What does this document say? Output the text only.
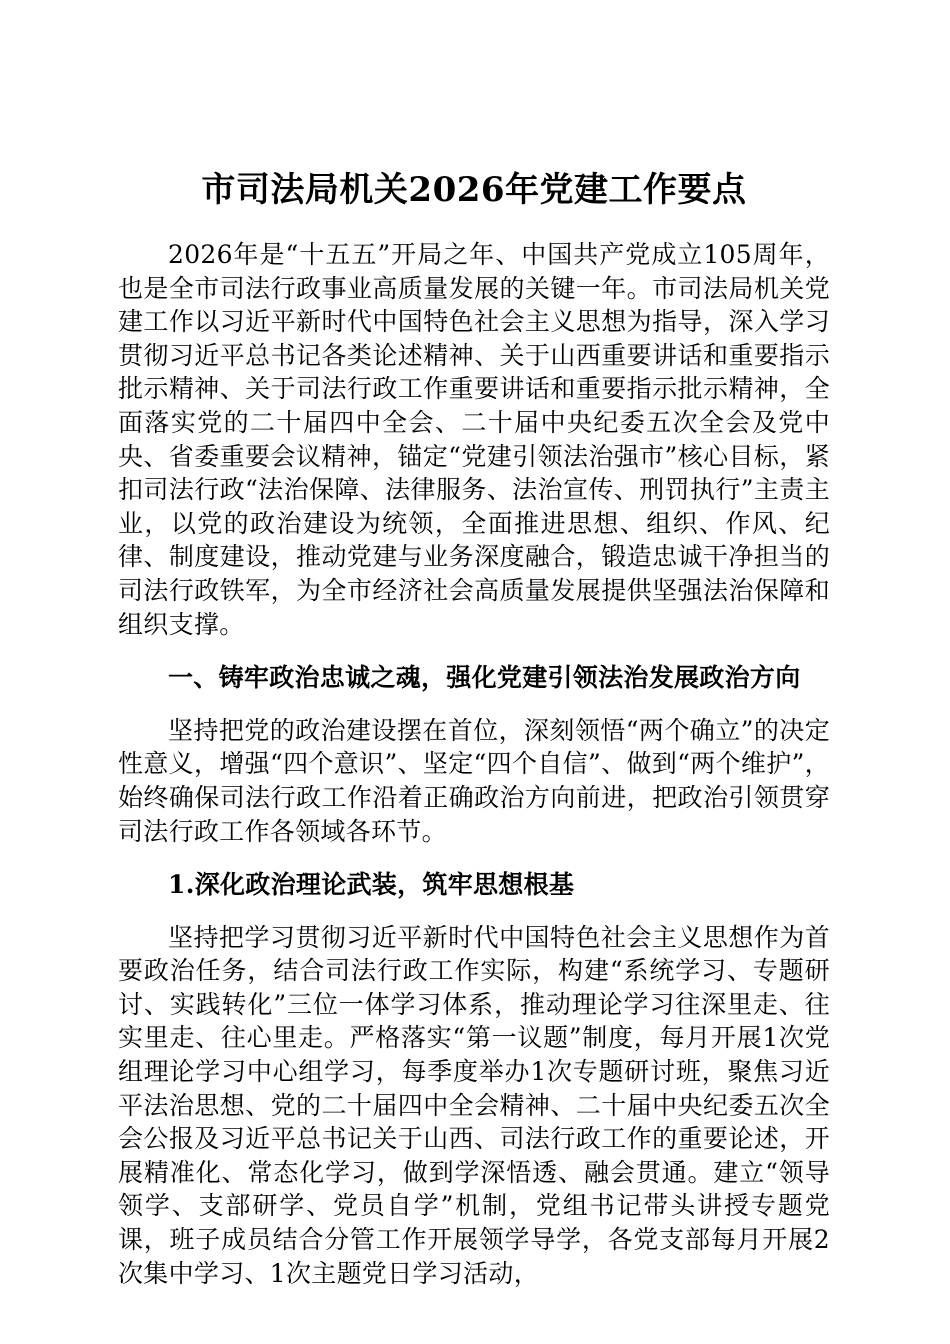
市司法局机关2026年党建工作要点

2026年是“十五五”开局之年、中国共产党成立105周年，也是全市司法行政事业高质量发展的关键一年。市司法局机关党建工作以习近平新时代中国特色社会主义思想为指导，深入学习贯彻习近平总书记各类论述精神、关于山西重要讲话和重要指示批示精神、关于司法行政工作重要讲话和重要指示批示精神，全面落实党的二十届四中全会、二十届中央纪委五次全会及党中央、省委重要会议精神，锚定“党建引领法治强市”核心目标，紧扣司法行政“法治保障、法律服务、法治宣传、刑罚执行”主责主业，以党的政治建设为统领，全面推进思想、组织、作风、纪律、制度建设，推动党建与业务深度融合，锻造忠诚干净担当的司法行政铁军，为全市经济社会高质量发展提供坚强法治保障和组织支撑。

一、铸牢政治忠诚之魂，强化党建引领法治发展政治方向

坚持把党的政治建设摆在首位，深刻领悟“两个确立”的决定性意义，增强“四个意识”、坚定“四个自信”、做到“两个维护”，始终确保司法行政工作沿着正确政治方向前进，把政治引领贯穿司法行政工作各领域各环节。

1.深化政治理论武装，筑牢思想根基

坚持把学习贯彻习近平新时代中国特色社会主义思想作为首要政治任务，结合司法行政工作实际，构建“系统学习、专题研讨、实践转化”三位一体学习体系，推动理论学习往深里走、往实里走、往心里走。严格落实“第一议题”制度，每月开展1次党组理论学习中心组学习，每季度举办1次专题研讨班，聚焦习近平法治思想、党的二十届四中全会精神、二十届中央纪委五次全会公报及习近平总书记关于山西、司法行政工作的重要论述，开展精准化、常态化学习，做到学深悟透、融会贯通。建立“领导领学、支部研学、党员自学”机制，党组书记带头讲授专题党课，班子成员结合分管工作开展领学导学，各党支部每月开展2次集中学习、1次主题党日学习活动，
